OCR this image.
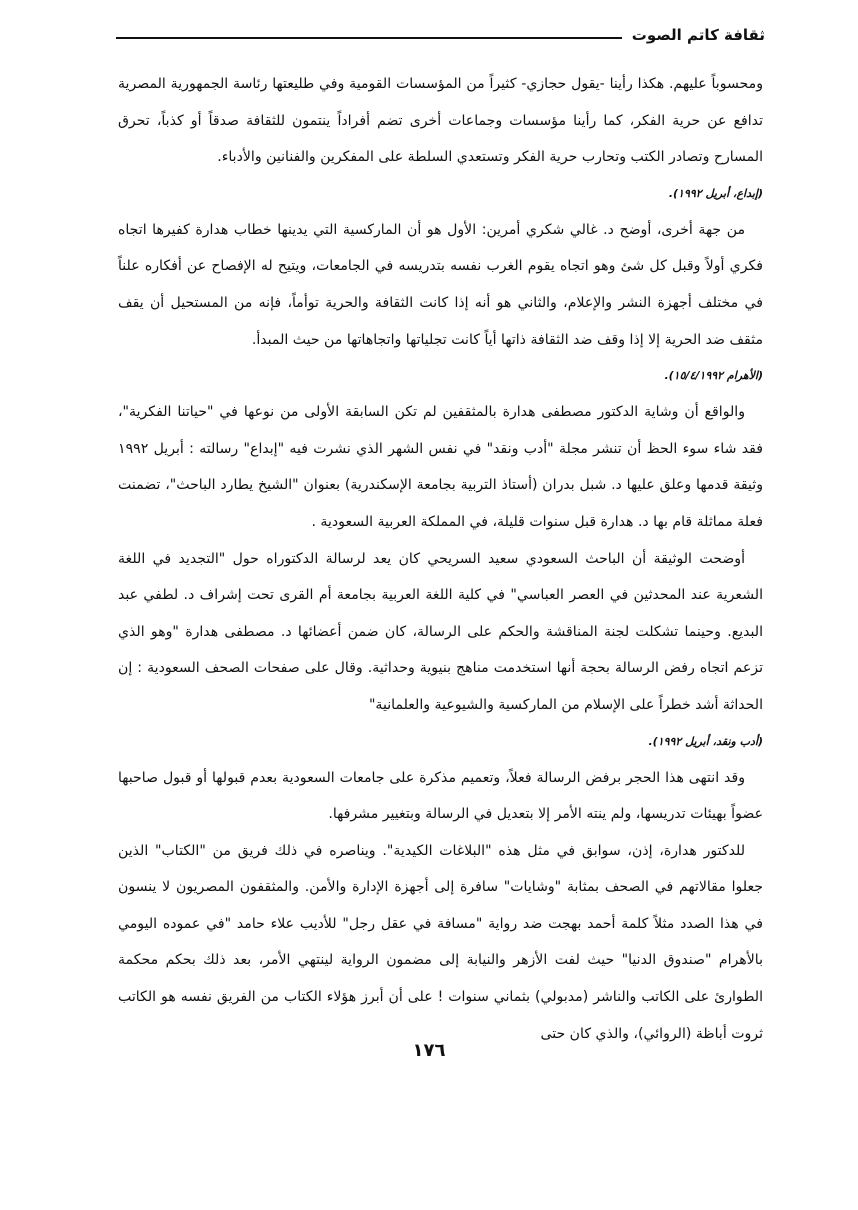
ثقافة كاتم الصوت

ومحسوباً عليهم. هكذا رأينا -يقول حجازي- كثيراً من المؤسسات القومية وفي طليعتها رئاسة الجمهورية المصرية تدافع عن حرية الفكر، كما رأينا مؤسسات وجماعات أخرى تضم أفراداً ينتمون للثقافة صدقاً أو كذباً، تحرق المسارح وتصادر الكتب وتحارب حرية الفكر وتستعدي السلطة على المفكرين والفنانين والأدباء.

(إبداع، أبريل ١٩٩٢).

من جهة أخرى، أوضح د. غالي شكري أمرين: الأول هو أن الماركسية التي يدينها خطاب هدارة كفيرها اتجاه فكري أولاً وقبل كل شئ وهو اتجاه يقوم الغرب نفسه بتدريسه في الجامعات، ويتيح له الإفصاح عن أفكاره علناً في مختلف أجهزة النشر والإعلام، والثاني هو أنه إذا كانت الثقافة والحرية توأماً، فإنه من المستحيل أن يقف مثقف ضد الحرية إلا إذا وقف ضد الثقافة ذاتها أياً كانت تجلياتها واتجاهاتها من حيث المبدأ.

(الأهرام ١٥/٤/١٩٩٢).

والواقع أن وشاية الدكتور مصطفى هدارة بالمثقفين لم تكن السابقة الأولى من نوعها في "حياتنا الفكرية"، فقد شاء سوء الحظ أن تنشر مجلة "أدب ونقد" في نفس الشهر الذي نشرت فيه "إبداع" رسالته : أبريل ١٩٩٢ وثيقة قدمها وعلق عليها د. شبل بدران (أستاذ التربية بجامعة الإسكندرية) بعنوان "الشيخ يطارد الباحث"، تضمنت فعلة مماثلة قام بها د. هدارة قبل سنوات قليلة، في المملكة العربية السعودية .

أوضحت الوثيقة أن الباحث السعودي سعيد السريحي كان يعد لرسالة الدكتوراه حول "التجديد في اللغة الشعرية عند المحدثين في العصر العباسي" في كلية اللغة العربية بجامعة أم القرى تحت إشراف د. لطفي عبد البديع. وحينما تشكلت لجنة المناقشة والحكم على الرسالة، كان ضمن أعضائها د. مصطفى هدارة "وهو الذي تزعم اتجاه رفض الرسالة بحجة أنها استخدمت مناهج بنيوية وحداثية. وقال على صفحات الصحف السعودية : إن الحداثة أشد خطراً على الإسلام من الماركسية والشيوعية والعلمانية"

(أدب ونقد، أبريل ١٩٩٢).

وقد انتهى هذا الحجر برفض الرسالة فعلاً، وتعميم مذكرة على جامعات السعودية بعدم قبولها أو قبول صاحبها عضواً بهيئات تدريسها، ولم ينته الأمر إلا بتعديل في الرسالة وبتغيير مشرفها.

للدكتور هدارة، إذن، سوابق في مثل هذه "البلاغات الكيدية". ويناصره في ذلك فريق من "الكتاب" الذين جعلوا مقالاتهم في الصحف بمثابة "وشايات" سافرة إلى أجهزة الإدارة والأمن. والمثقفون المصريون لا ينسون في هذا الصدد مثلاً كلمة أحمد بهجت ضد رواية "مسافة في عقل رجل" للأديب علاء حامد "في عموده اليومي بالأهرام "صندوق الدنيا" حيث لفت الأزهر والنيابة إلى مضمون الرواية لينتهي الأمر، بعد ذلك بحكم محكمة الطوارئ على الكاتب والناشر (مدبولي) بثماني سنوات ! على أن أبرز هؤلاء الكتاب من الفريق نفسه هو الكاتب ثروت أباظة (الروائي)، والذي كان حتى

١٧٦
